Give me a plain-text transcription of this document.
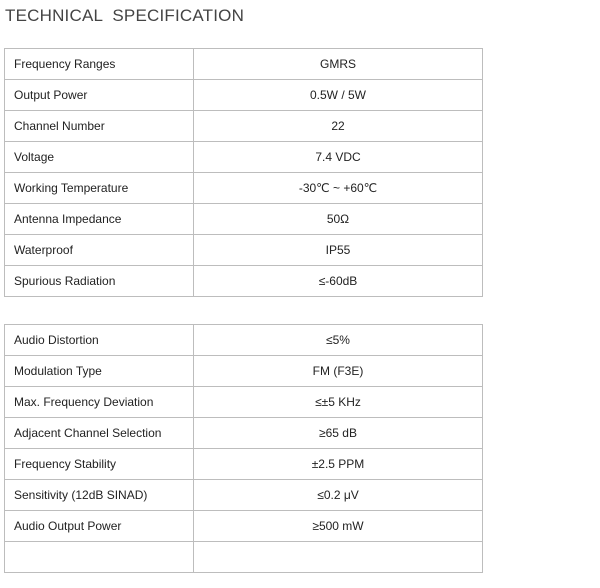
TECHNICAL  SPECIFICATION
Frequency Ranges	GMRS
Output Power	0.5W / 5W
Channel Number	22
Voltage	7.4 VDC
Working Temperature	-30℃ ~ +60℃
Antenna Impedance	50Ω
Waterproof	IP55
Spurious Radiation	≤-60dB
Audio Distortion	≤5%
Modulation Type	FM (F3E)
Max. Frequency Deviation	≤±5 KHz
Adjacent Channel Selection	≥65 dB
Frequency Stability	±2.5 PPM
Sensitivity (12dB SINAD)	≤0.2 μV
Audio Output Power	≥500 mW
